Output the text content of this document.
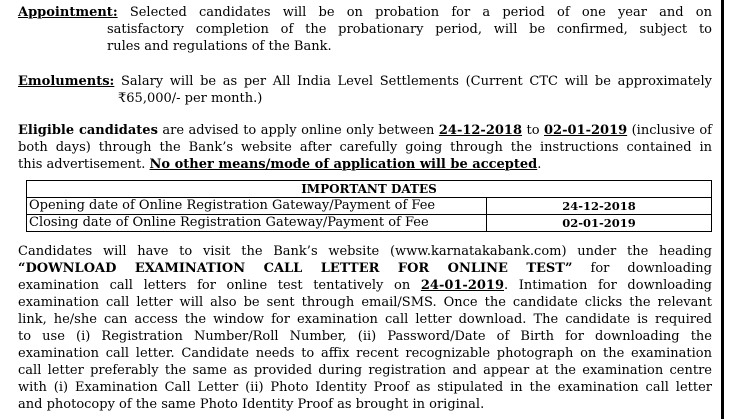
Appointment: Selected candidates will be on probation for a period of one year and on
satisfactory completion of the probationary period, will be confirmed, subject to
rules and regulations of the Bank.
Emoluments: Salary will be as per All India Level Settlements (Current CTC will be approximately
₹65,000/- per month.)
Eligible candidates are advised to apply online only between 24-12-2018 to 02-01-2019 (inclusive of
both days) through the Bank’s website after carefully going through the instructions contained in
this advertisement. No other means/mode of application will be accepted.
IMPORTANT DATES	
Opening date of Online Registration Gateway/Payment of Fee	24-12-2018
Closing date of Online Registration Gateway/Payment of Fee	02-01-2019
Candidates will have to visit the Bank’s website (www.karnatakabank.com) under the heading
“DOWNLOAD EXAMINATION CALL LETTER FOR ONLINE TEST” for downloading
examination call letters for online test tentatively on 24-01-2019. Intimation for downloading
examination call letter will also be sent through email/SMS. Once the candidate clicks the relevant
link, he/she can access the window for examination call letter download. The candidate is required
to use (i) Registration Number/Roll Number, (ii) Password/Date of Birth for downloading the
examination call letter. Candidate needs to affix recent recognizable photograph on the examination
call letter preferably the same as provided during registration and appear at the examination centre
with (i) Examination Call Letter (ii) Photo Identity Proof as stipulated in the examination call letter
and photocopy of the same Photo Identity Proof as brought in original.
